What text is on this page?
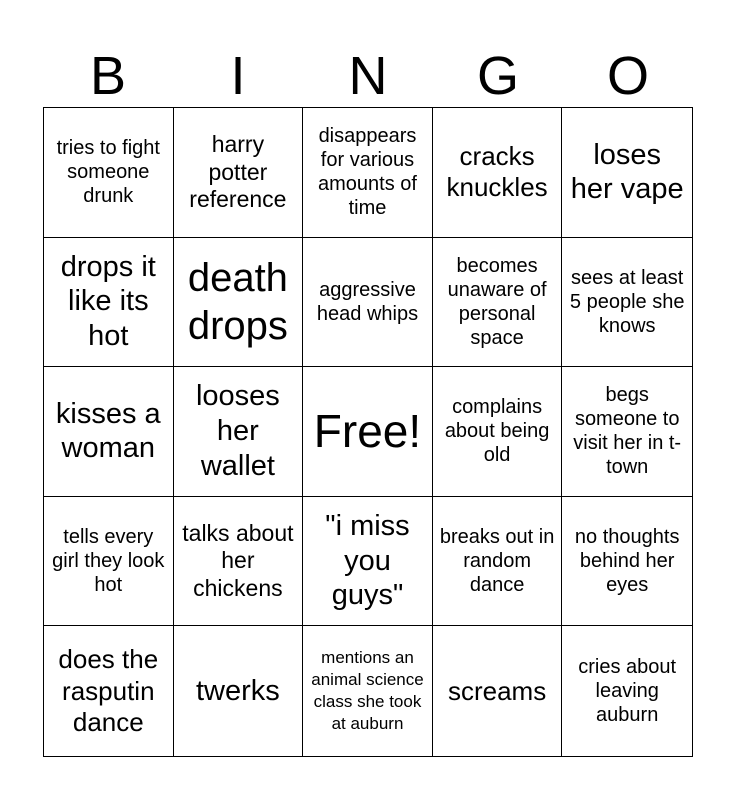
B	I	N	G	O
tries to fight someone drunk
harry potter reference
disappears for various amounts of time
cracks knuckles
loses her vape
drops it like its hot
death drops
aggressive head whips
becomes unaware of personal space
sees at least 5 people she knows
kisses a woman
looses her wallet
Free!	complains about being old
begs someone to visit her in t-town
tells every girl they look hot
talks about her chickens
"i miss you guys"
breaks out in random dance
no thoughts behind her eyes
does the rasputin dance
twerks
mentions an animal science class she took at auburn
screams
cries about leaving auburn
